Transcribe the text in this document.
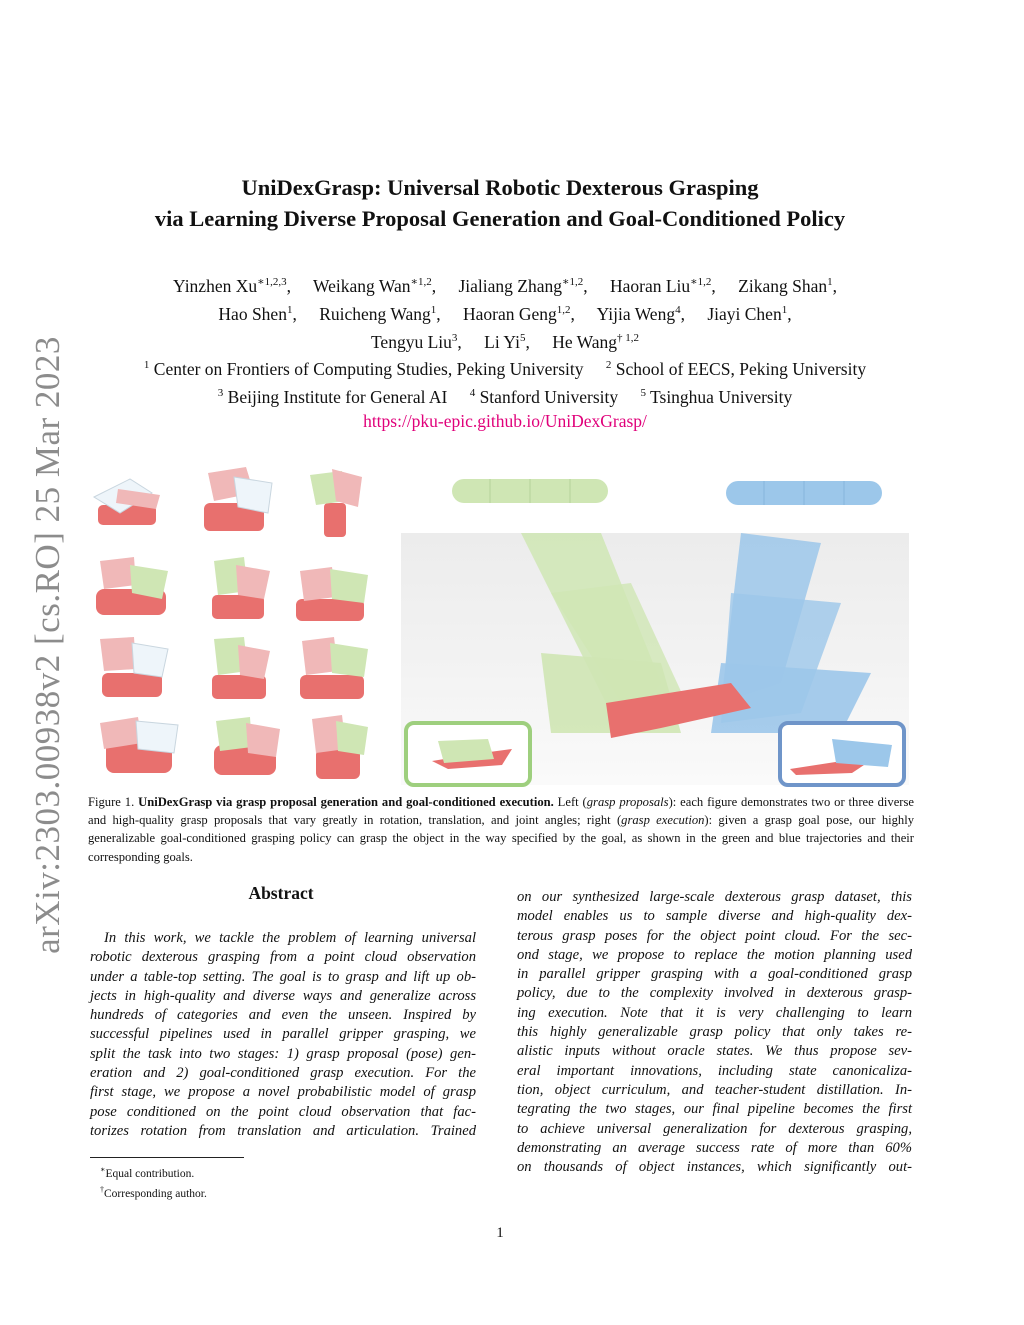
arXiv:2303.00938v2 [cs.RO] 25 Mar 2023
UniDexGrasp: Universal Robotic Dexterous Grasping
via Learning Diverse Proposal Generation and Goal-Conditioned Policy
Yinzhen $Xu^{∗1,2,3}$, Weikang Wan$^{∗1,2}$, Jialiang Zhang$^{∗1,2}$, Haoran Liu$^{∗1,2}$, Zikang Shan$^1$,
Hao Shen$^1$, Ruicheng Wang$^1$, Haoran Geng$^{1,2}$, Yijia Weng$^4$, Jiayi Chen$^1$,
Tengyu Liu$^3$, Li Yi$^5$, He Wang$^{\dagger 1,2}$
$^1$ Center on Frontiers of Computing Studies, Peking University $^2$ School of EECS, Peking University
$^3$ Beijing Institute for General AI $^4$ Stanford University $^5$ Tsinghua University
https://pku-epic.github.io/UniDexGrasp/
Figure 1. UniDexGrasp via grasp proposal generation and goal-conditioned execution. Left (grasp proposals): each figure demonstrates two or three diverse and high-quality grasp proposals that vary greatly in rotation, translation, and joint angles; right (grasp execution): given a grasp goal pose, our highly generalizable goal-conditioned grasping policy can grasp the object in the way specified by the goal, as shown in the green and blue trajectories and their corresponding goals.
Abstract
In this work, we tackle the problem of learning universal
robotic dexterous grasping from a point cloud observation
under a table-top setting. The goal is to grasp and lift up ob-
jects in high-quality and diverse ways and generalize across
hundreds of categories and even the unseen. Inspired by
successful pipelines used in parallel gripper grasping, we
split the task into two stages: 1) grasp proposal (pose) gen-
eration and 2) goal-conditioned grasp execution. For the
first stage, we propose a novel probabilistic model of grasp
pose conditioned on the point cloud observation that fac-
torizes rotation from translation and articulation. Trained
on our synthesized large-scale dexterous grasp dataset, this
model enables us to sample diverse and high-quality dex-
terous grasp poses for the object point cloud. For the sec-
ond stage, we propose to replace the motion planning used
in parallel gripper grasping with a goal-conditioned grasp
policy, due to the complexity involved in dexterous grasp-
ing execution. Note that it is very challenging to learn
this highly generalizable grasp policy that only takes re-
alistic inputs without oracle states. We thus propose sev-
eral important innovations, including state canonicaliza-
tion, object curriculum, and teacher-student distillation. In-
tegrating the two stages, our final pipeline becomes the first
to achieve universal generalization for dexterous grasping,
demonstrating an average success rate of more than 60%
on thousands of object instances, which significantly out-
∗Equal contribution.
†Corresponding author.
1
